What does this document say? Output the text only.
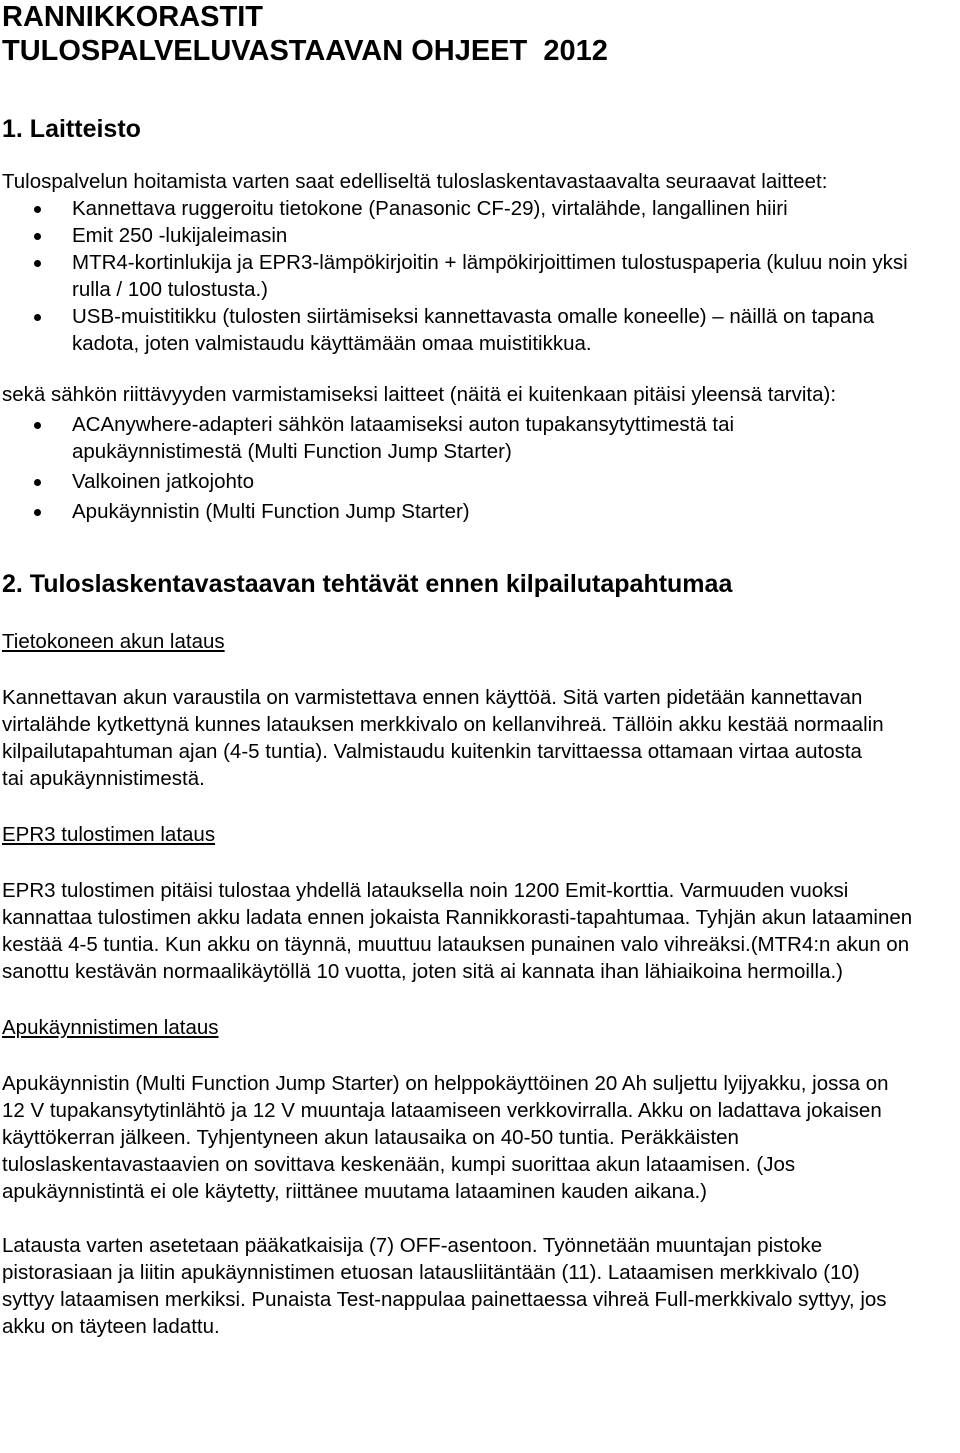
RANNIKKORASTIT
TULOSPALVELUVASTAAVAN OHJEET  2012
1. Laitteisto

Tulospalvelun hoitamista varten saat edelliseltä tuloslaskentavastaavalta seuraavat laitteet:

Kannettava ruggeroitu tietokone (Panasonic CF-29), virtalähde, langallinen hiiri
Emit 250 -lukijaleimasin
MTR4-kortinlukija ja EPR3-lämpökirjoitin + lämpökirjoittimen tulostuspaperia (kuluu noin yksi rulla / 100 tulostusta.)
USB-muistitikku (tulosten siirtämiseksi kannettavasta omalle koneelle) – näillä on tapana kadota, joten valmistaudu käyttämään omaa muistitikkua.

sekä sähkön riittävyyden varmistamiseksi laitteet (näitä ei kuitenkaan pitäisi yleensä tarvita):

ACAnywhere-adapteri sähkön lataamiseksi auton tupakansytyttimestä tai apukäynnistimestä (Multi Function Jump Starter)
Valkoinen jatkojohto
Apukäynnistin (Multi Function Jump Starter)
2. Tuloslaskentavastaavan tehtävät ennen kilpailutapahtumaa

Tietokoneen akun lataus

Kannettavan akun varaustila on varmistettava ennen käyttöä. Sitä varten pidetään kannettavan virtalähde kytkettynä kunnes latauksen merkkivalo on kellanvihreä. Tällöin akku kestää normaalin kilpailutapahtuman ajan (4-5 tuntia). Valmistaudu kuitenkin tarvittaessa ottamaan virtaa autosta tai apukäynnistimestä.

EPR3 tulostimen lataus

EPR3 tulostimen pitäisi tulostaa yhdellä latauksella noin 1200 Emit-korttia. Varmuuden vuoksi kannattaa tulostimen akku ladata ennen jokaista Rannikkorasti-tapahtumaa. Tyhjän akun lataaminen kestää 4-5 tuntia. Kun akku on täynnä, muuttuu latauksen punainen valo vihreäksi.(MTR4:n akun on sanottu kestävän normaalikäytöllä 10 vuotta, joten sitä ai kannata ihan lähiaikoina hermoilla.)

Apukäynnistimen lataus

Apukäynnistin (Multi Function Jump Starter) on helppokäyttöinen 20 Ah suljettu lyijyakku, jossa on 12 V tupakansytytinlähtö ja 12 V muuntaja lataamiseen verkkovirralla. Akku on ladattava jokaisen käyttökerran jälkeen. Tyhjentyneen akun latausaika on 40-50 tuntia. Peräkkäisten tuloslaskentavastaavien on sovittava keskenään, kumpi suorittaa akun lataamisen. (Jos apukäynnistintä ei ole käytetty, riittänee muutama lataaminen kauden aikana.)

Latausta varten asetetaan pääkatkaisija (7) OFF-asentoon. Työnnetään muuntajan pistoke pistorasiaan ja liitin apukäynnistimen etuosan latausliitäntään (11). Lataamisen merkkivalo (10) syttyy lataamisen merkiksi. Punaista Test-nappulaa painettaessa vihreä Full-merkkivalo syttyy, jos akku on täyteen ladattu.
